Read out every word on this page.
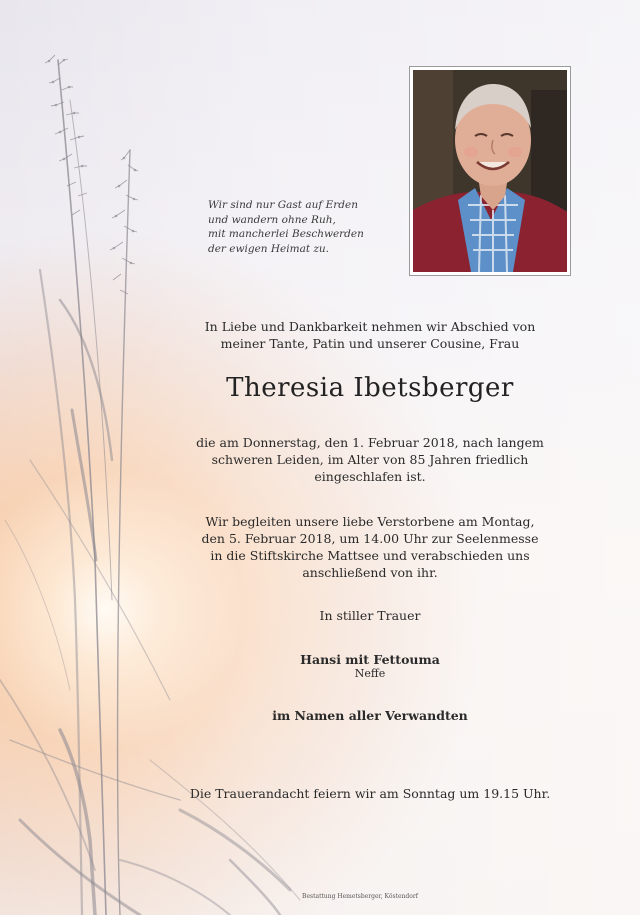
Wir sind nur Gast auf Erden
und wandern ohne Ruh,
mit mancherlei Beschwerden
der ewigen Heimat zu.
In Liebe und Dankbarkeit nehmen wir Abschied von
meiner Tante, Patin und unserer Cousine, Frau
Theresia Ibetsberger
die am Donnerstag, den 1. Februar 2018, nach langem
schweren Leiden, im Alter von 85 Jahren friedlich
eingeschlafen ist.
Wir begleiten unsere liebe Verstorbene am Montag,
den 5. Februar 2018, um 14.00 Uhr zur Seelenmesse
in die Stiftskirche Mattsee und verabschieden uns
anschließend von ihr.
In stiller Trauer
Hansi mit Fettouma
Neffe
im Namen aller Verwandten
Die Trauerandacht feiern wir am Sonntag um 19.15 Uhr.
Bestattung Hemetsberger, Köstendorf
